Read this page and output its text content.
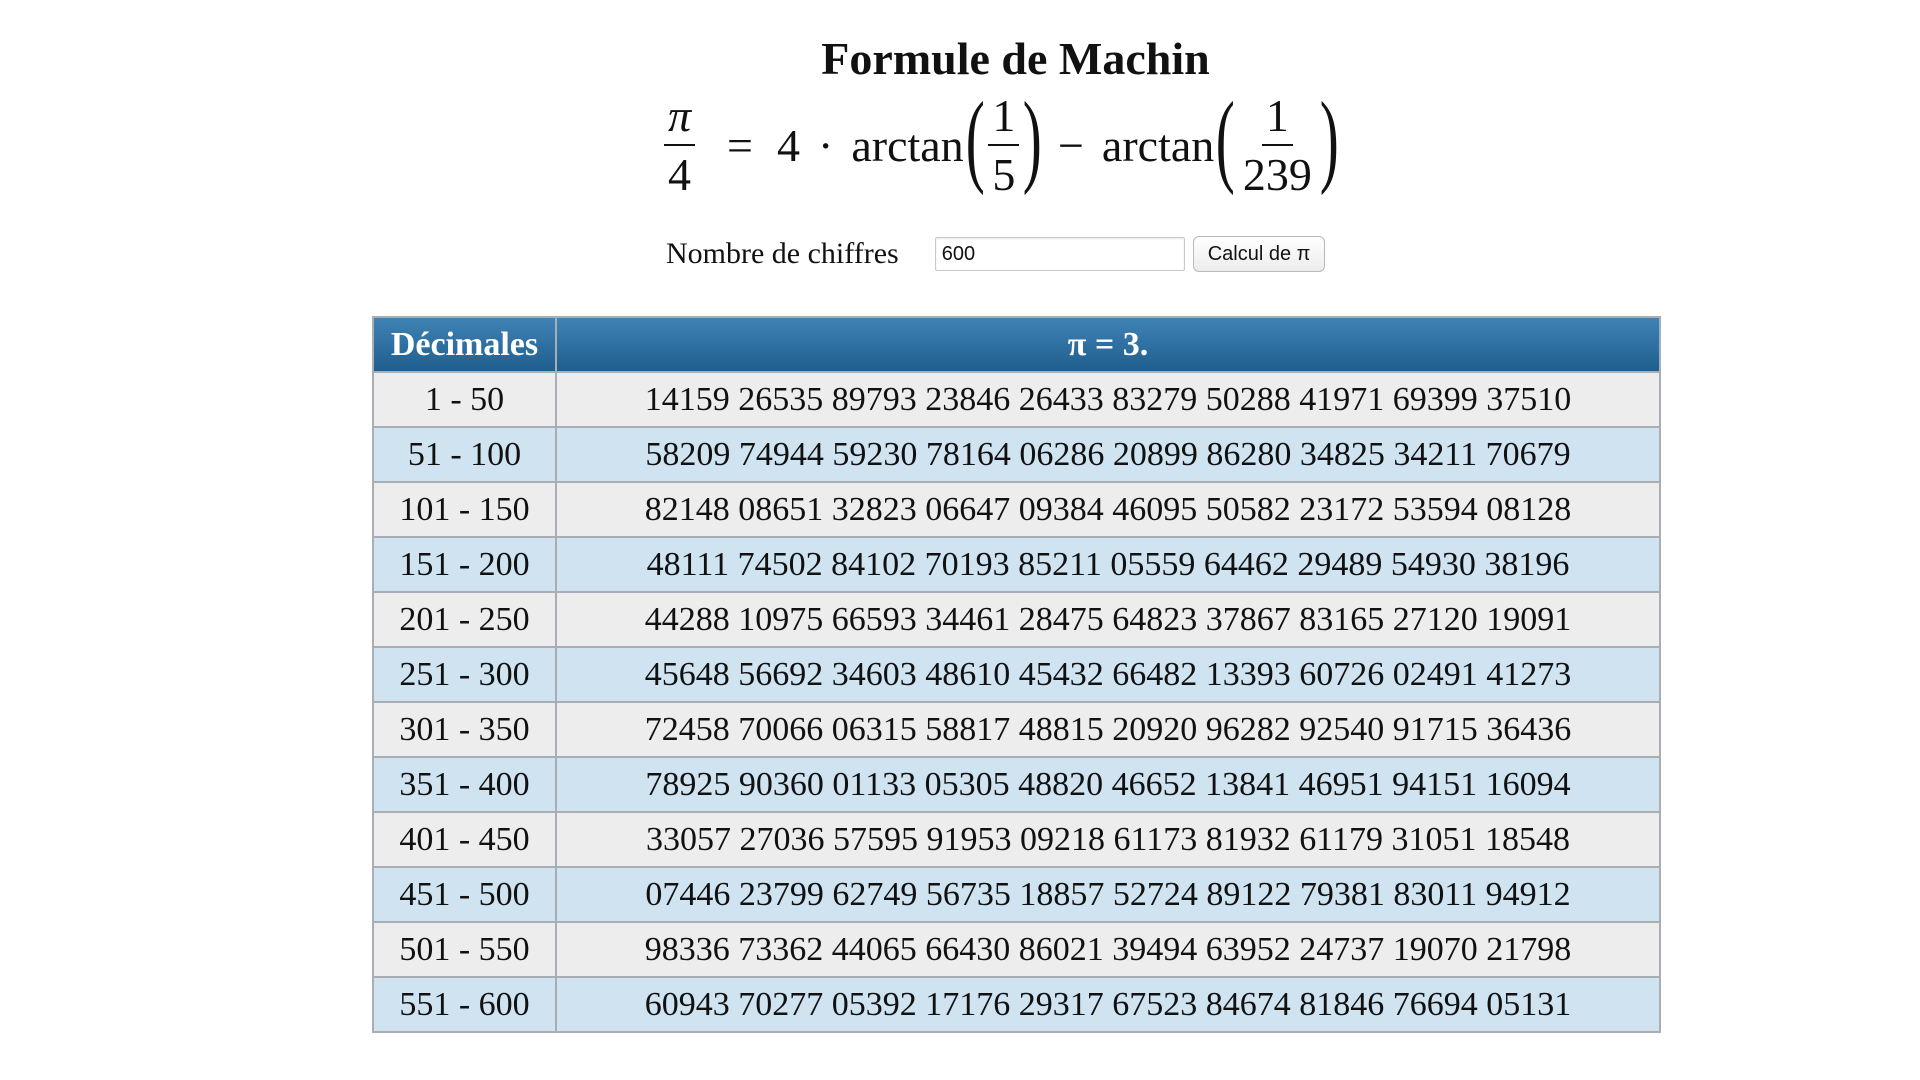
Formule de Machin
$\frac{\pi}{4} = 4 \cdot \arctan$ ( $\frac{1}{5}$ ) − arctan ( $\frac{1}{239}$ )
Nombre de chiffres
600	Calcul de π
Décimales	π = 3.
1 - 50	14159 26535 89793 23846 26433 83279 50288 41971 69399 37510
51 - 100	58209 74944 59230 78164 06286 20899 86280 34825 34211 70679
101 - 150	82148 08651 32823 06647 09384 46095 50582 23172 53594 08128
151 - 200	48111 74502 84102 70193 85211 05559 64462 29489 54930 38196
201 - 250	44288 10975 66593 34461 28475 64823 37867 83165 27120 19091
251 - 300	45648 56692 34603 48610 45432 66482 13393 60726 02491 41273
301 - 350	72458 70066 06315 58817 48815 20920 96282 92540 91715 36436
351 - 400	78925 90360 01133 05305 48820 46652 13841 46951 94151 16094
401 - 450	33057 27036 57595 91953 09218 61173 81932 61179 31051 18548
451 - 500	07446 23799 62749 56735 18857 52724 89122 79381 83011 94912
501 - 550	98336 73362 44065 66430 86021 39494 63952 24737 19070 21798
551 - 600	60943 70277 05392 17176 29317 67523 84674 81846 76694 05131
